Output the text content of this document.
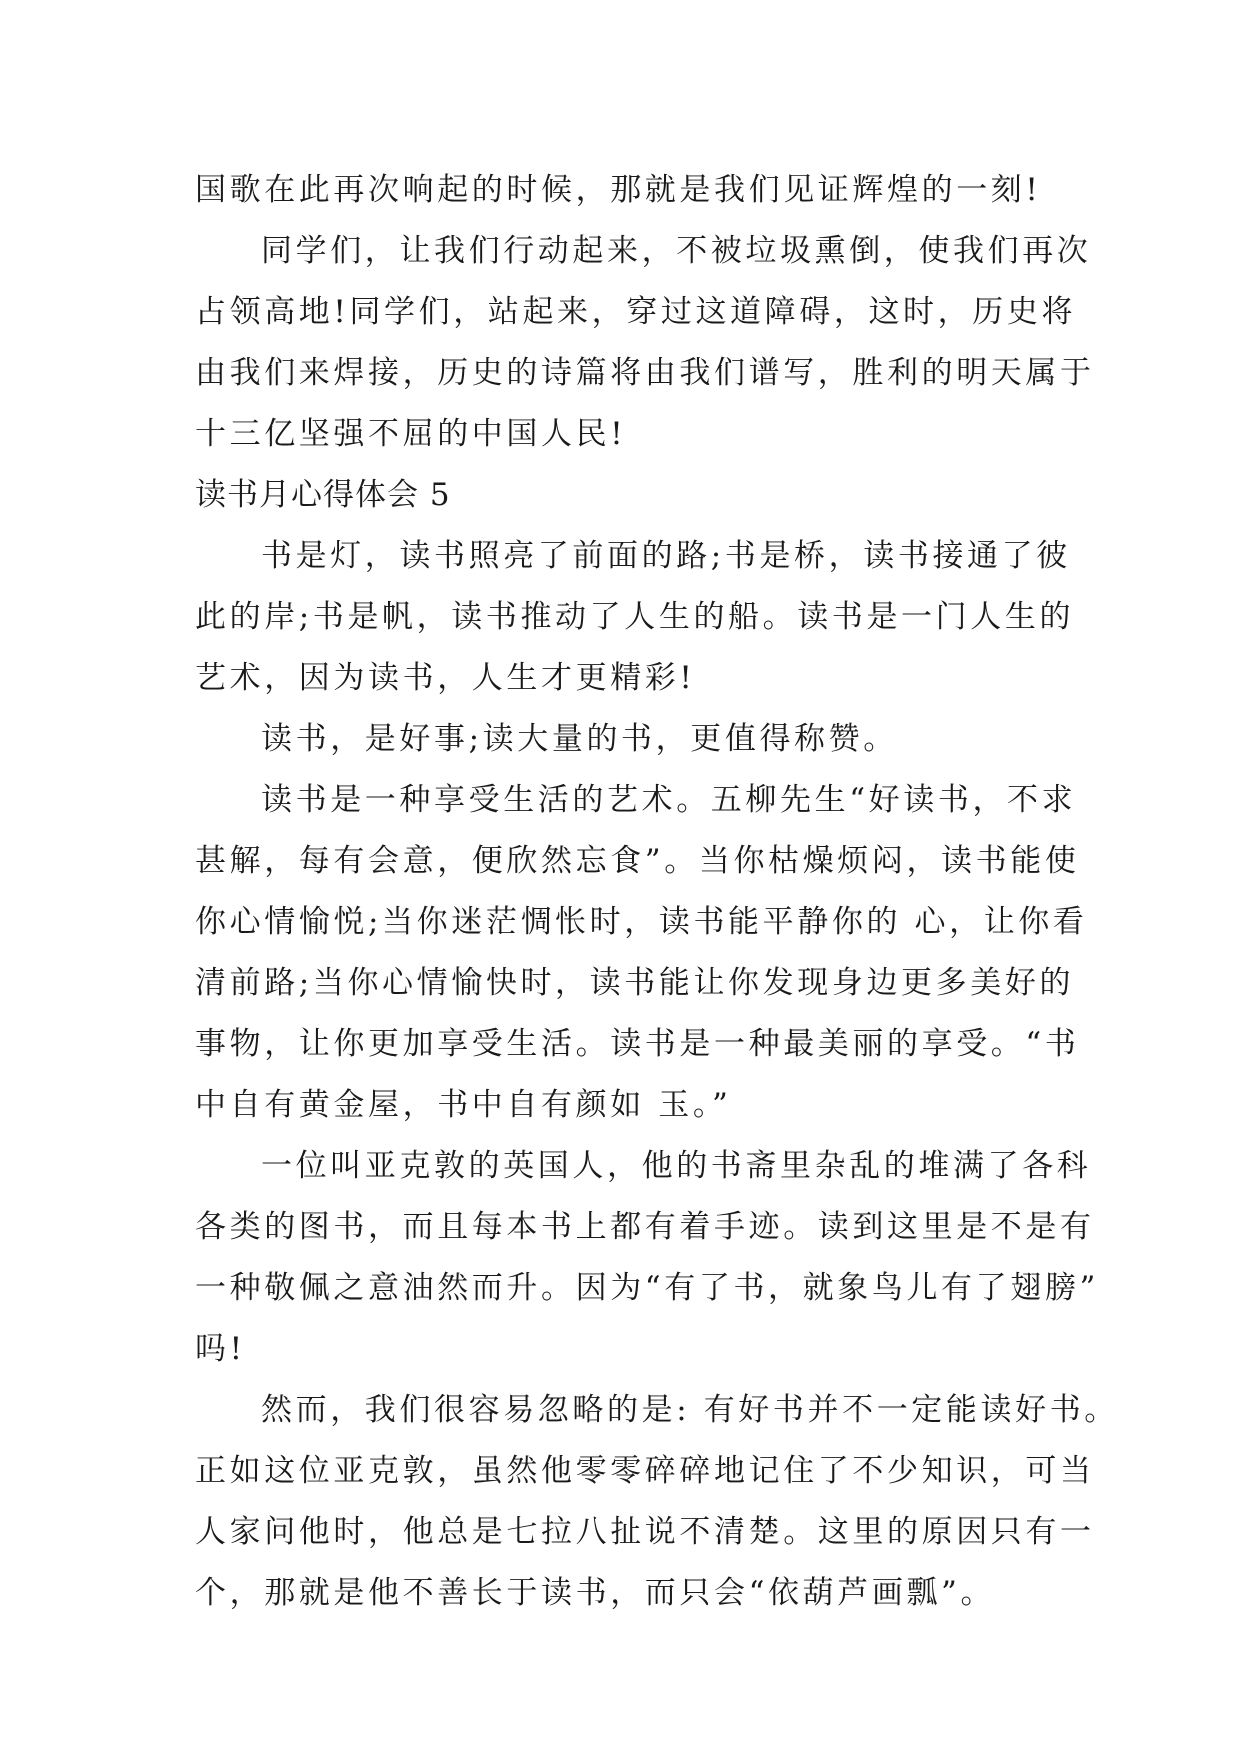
国歌在此再次响起的时候，那就是我们见证辉煌的一刻!
同学们，让我们行动起来，不被垃圾熏倒，使我们再次
占领高地!同学们，站起来，穿过这道障碍，这时，历史将
由我们来焊接，历史的诗篇将由我们谱写，胜利的明天属于
十三亿坚强不屈的中国人民!
读书月心得体会 5
书是灯，读书照亮了前面的路;书是桥，读书接通了彼
此的岸;书是帆，读书推动了人生的船。读书是一门人生的
艺术，因为读书，人生才更精彩!
读书，是好事;读大量的书，更值得称赞。
读书是一种享受生活的艺术。五柳先生“好读书，不求
甚解，每有会意，便欣然忘食”。当你枯燥烦闷，读书能使
你心情愉悦;当你迷茫惆怅时，读书能平静你的 心，让你看
清前路;当你心情愉快时，读书能让你发现身边更多美好的
事物，让你更加享受生活。读书是一种最美丽的享受。“书
中自有黄金屋，书中自有颜如 玉。”
一位叫亚克敦的英国人，他的书斋里杂乱的堆满了各科
各类的图书，而且每本书上都有着手迹。读到这里是不是有
一种敬佩之意油然而升。因为“有了书，就象鸟儿有了翅膀”
吗!
然而，我们很容易忽略的是: 有好书并不一定能读好书。
正如这位亚克敦，虽然他零零碎碎地记住了不少知识，可当
人家问他时，他总是七拉八扯说不清楚。这里的原因只有一
个，那就是他不善长于读书，而只会“依葫芦画瓢”。
